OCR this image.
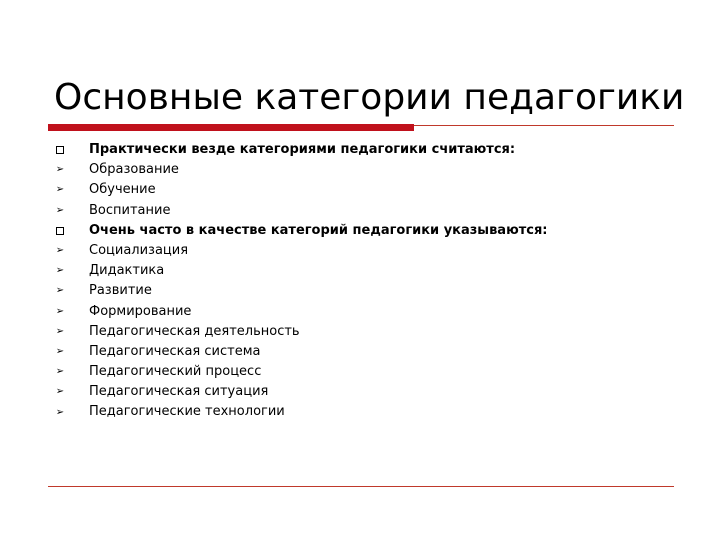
Основные категории педагогики
Практически везде категориями педагогики считаются:
➢ Образование
➢ Обучение
➢ Воспитание
Очень часто в качестве категорий педагогики указываются:
➢ Социализация
➢ Дидактика
➢ Развитие
➢ Формирование
➢ Педагогическая деятельность
➢ Педагогическая система
➢ Педагогический процесс
➢ Педагогическая ситуация
➢ Педагогические технологии
